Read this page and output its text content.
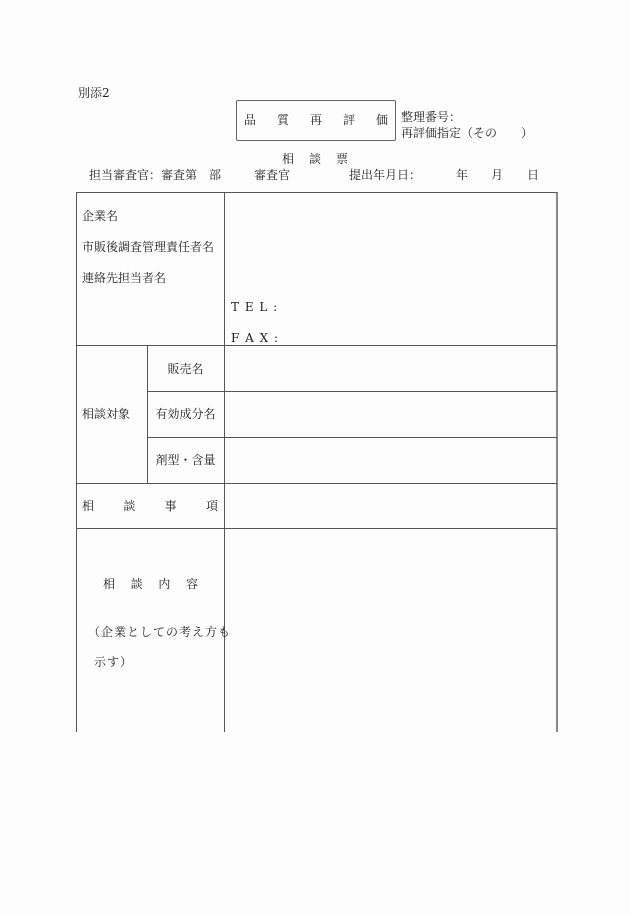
別添2
品 質 再 評 価 整理番号：
再評価指定（その　　）
相 談 票
担当審査官：審査第　部	審査官	提出年月日：	年 月 日
企業名
市販後調査管理責任者名
連絡先担当者名
T E L :
F A X :
相談対象
販売名
有効成分名
剤型・含量
相 談 事 項
相 談 内 容
（企業としての考え方も
示す）
